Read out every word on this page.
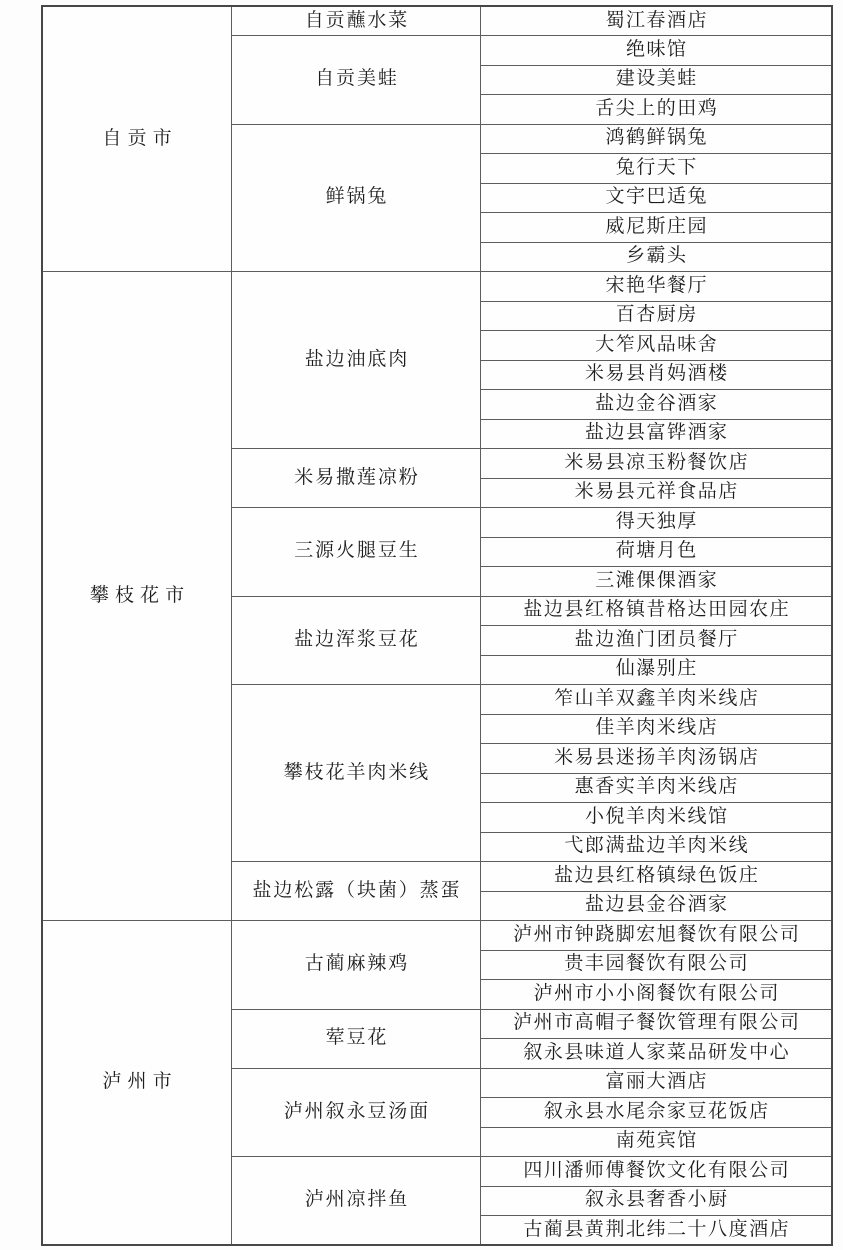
自贡市	自贡蘸水菜	蜀江春酒店
	自贡美蛙	绝味馆
		建设美蛙
		舌尖上的田鸡
	鲜锅兔	鸿鹤鲜锅兔
		兔行天下
		文宇巴适兔
		威尼斯庄园
		乡霸头
攀枝花市	盐边油底肉	宋艳华餐厅
		百杏厨房
		大笮风品味舍
		米易县肖妈酒楼
		盐边金谷酒家
		盐边县富铧酒家
	米易撒莲凉粉	米易县凉玉粉餐饮店
		米易县元祥食品店
	三源火腿豆生	得天独厚
		荷塘月色
		三滩倮倮酒家
	盐边浑浆豆花	盐边县红格镇昔格达田园农庄
		盐边渔门团员餐厅
		仙瀑别庄
	攀枝花羊肉米线	笮山羊双鑫羊肉米线店
		佳羊肉米线店
		米易县迷扬羊肉汤锅店
		惠香实羊肉米线店
		小倪羊肉米线馆
		弋郎满盐边羊肉米线
	盐边松露（块菌）蒸蛋	盐边县红格镇绿色饭庄
		盐边县金谷酒家
泸州市	古蔺麻辣鸡	泸州市钟跷脚宏旭餐饮有限公司
		贵丰园餐饮有限公司
		泸州市小小阁餐饮有限公司
	荤豆花	泸州市高帽子餐饮管理有限公司
		叙永县味道人家菜品研发中心
	泸州叙永豆汤面	富丽大酒店
		叙永县水尾佘家豆花饭店
		南苑宾馆
	泸州凉拌鱼	四川潘师傅餐饮文化有限公司
		叙永县奢香小厨
		古蔺县黄荆北纬二十八度酒店
